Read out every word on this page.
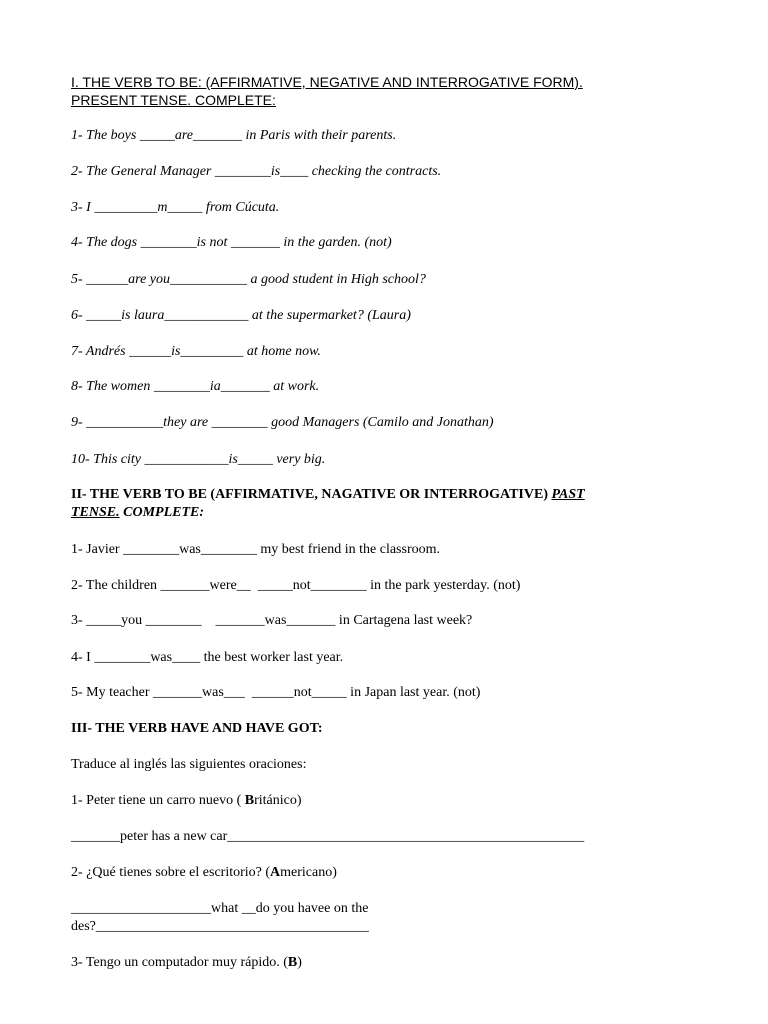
I. THE VERB TO BE: (AFFIRMATIVE, NEGATIVE AND INTERROGATIVE FORM).
PRESENT TENSE. COMPLETE:
1- The boys _____are_______ in Paris with their parents.
2- The General Manager ________is____ checking the contracts.
3- I _________m_____ from Cúcuta.
4- The dogs ________is not _______ in the garden. (not)
5- ______are you___________ a good student in High school?
6- _____is laura____________ at the supermarket? (Laura)
7- Andrés ______is_________ at home now.
8- The women ________ia_______ at work.
9- ___________they are ________ good Managers (Camilo and Jonathan)
10- This city ____________is_____ very big.
II- THE VERB TO BE (AFFIRMATIVE, NAGATIVE OR INTERROGATIVE) PAST
TENSE. COMPLETE:
1- Javier ________was________ my best friend in the classroom.
2- The children _______were__  _____not________ in the park yesterday. (not)
3- _____you ________    _______was_______ in Cartagena last week?
4- I ________was____ the best worker last year.
5- My teacher _______was___  ______not_____ in Japan last year. (not)
III- THE VERB HAVE AND HAVE GOT:
Traduce al inglés las siguientes oraciones:
1- Peter tiene un carro nuevo ( Británico)
_______peter has a new car___________________________________________________
2- ¿Qué tienes sobre el escritorio? (Americano)
____________________what __do you havee on the
des?_______________________________________
3- Tengo un computador muy rápido. (B)
